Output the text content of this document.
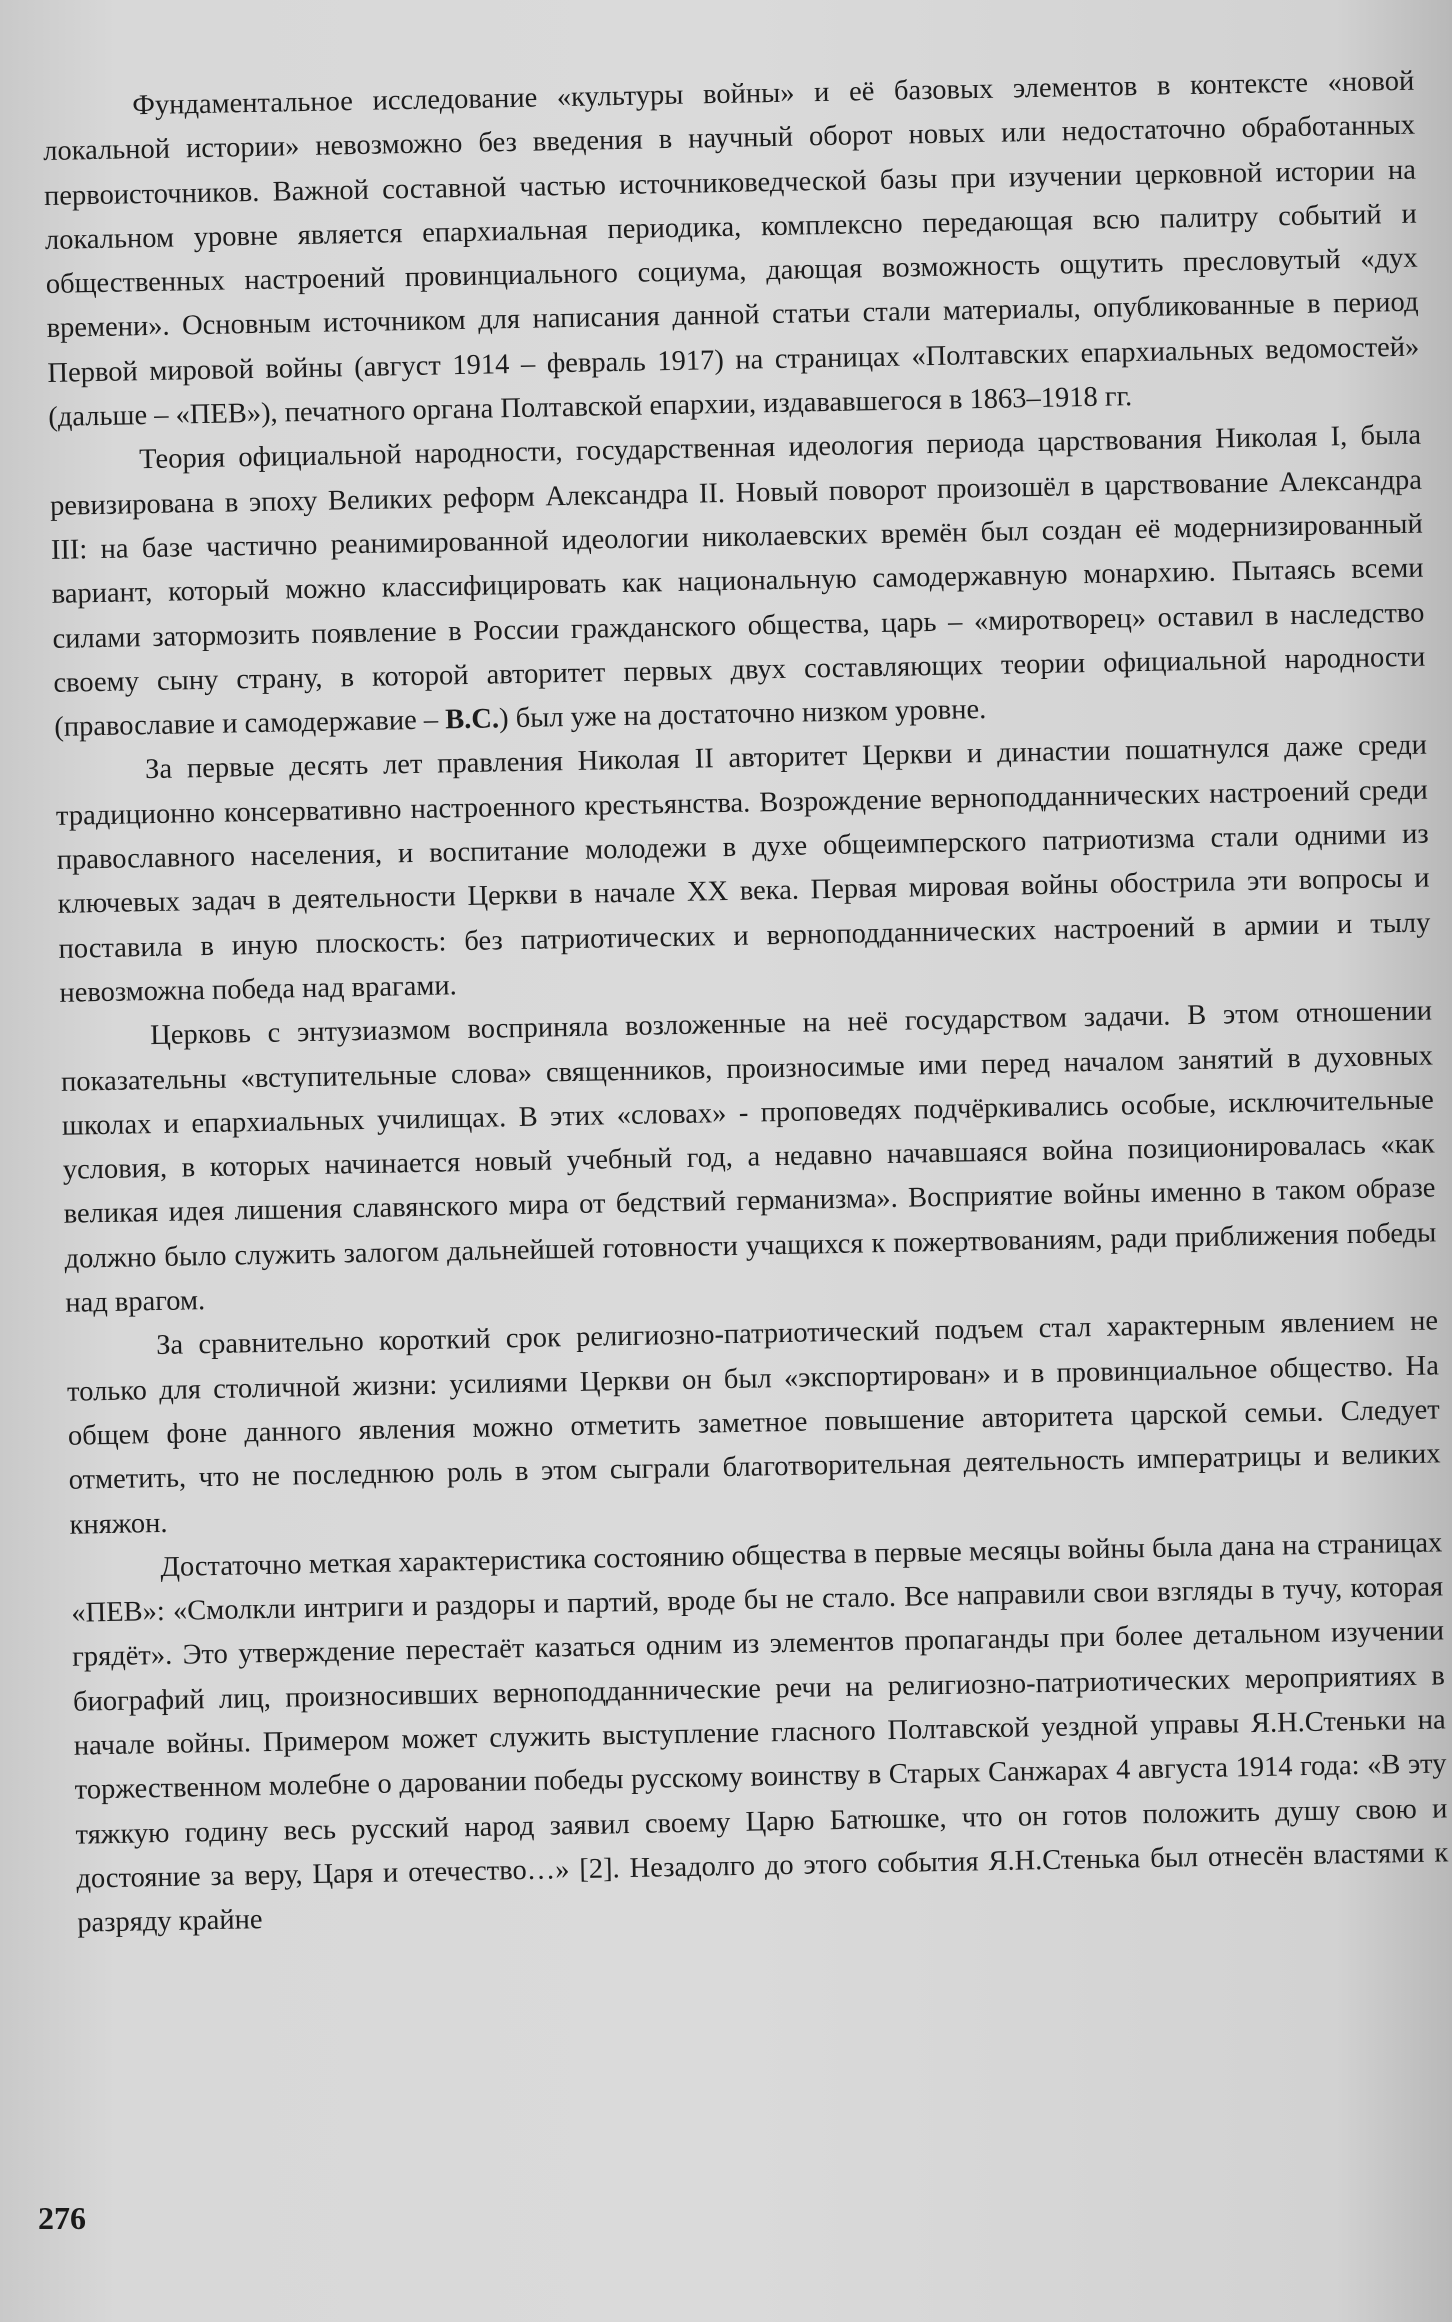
Фундаментальное исследование «культуры войны» и её базовых элементов в контексте «новой локальной истории» невозможно без введения в научный оборот новых или недостаточно обработанных первоисточников. Важной составной частью источниковедческой базы при изучении церковной истории на локальном уровне является епархиальная периодика, комплексно передающая всю палитру событий и общественных настроений провинциального социума, дающая возможность ощутить пресловутый «дух времени». Основным источником для написания данной статьи стали материалы, опубликованные в период Первой мировой войны (август 1914 – февраль 1917) на страницах «Полтавских епархиальных ведомостей» (дальше – «ПЕВ»), печатного органа Полтавской епархии, издававшегося в 1863–1918 гг.

Теория официальной народности, государственная идеология периода царствования Николая I, была ревизирована в эпоху Великих реформ Александра II. Новый поворот произошёл в царствование Александра III: на базе частично реанимированной идеологии николаевских времён был создан её модернизированный вариант, который можно классифицировать как национальную самодержавную монархию. Пытаясь всеми силами затормозить появление в России гражданского общества, царь – «миротворец» оставил в наследство своему сыну страну, в которой авторитет первых двух составляющих теории официальной народности (православие и самодержавие – В.С.) был уже на достаточно низком уровне.

За первые десять лет правления Николая II авторитет Церкви и династии пошатнулся даже среди традиционно консервативно настроенного крестьянства. Возрождение верноподданнических настроений среди православного населения, и воспитание молодежи в духе общеимперского патриотизма стали одними из ключевых задач в деятельности Церкви в начале XX века. Первая мировая войны обострила эти вопросы и поставила в иную плоскость: без патриотических и верноподданнических настроений в армии и тылу невозможна победа над врагами.

Церковь с энтузиазмом восприняла возложенные на неё государством задачи. В этом отношении показательны «вступительные слова» священников, произносимые ими перед началом занятий в духовных школах и епархиальных училищах. В этих «словах» - проповедях подчёркивались особые, исключительные условия, в которых начинается новый учебный год, а недавно начавшаяся война позиционировалась «как великая идея лишения славянского мира от бедствий германизма». Восприятие войны именно в таком образе должно было служить залогом дальнейшей готовности учащихся к пожертвованиям, ради приближения победы над врагом.

За сравнительно короткий срок религиозно-патриотический подъем стал характерным явлением не только для столичной жизни: усилиями Церкви он был «экспортирован» и в провинциальное общество. На общем фоне данного явления можно отметить заметное повышение авторитета царской семьи. Следует отметить, что не последнюю роль в этом сыграли благотворительная деятельность императрицы и великих княжон.

Достаточно меткая характеристика состоянию общества в первые месяцы войны была дана на страницах «ПЕВ»: «Смолкли интриги и раздоры и партий, вроде бы не стало. Все направили свои взгляды в тучу, которая грядёт». Это утверждение перестаёт казаться одним из элементов пропаганды при более детальном изучении биографий лиц, произносивших верноподданнические речи на религиозно-патриотических мероприятиях в начале войны. Примером может служить выступление гласного Полтавской уездной управы Я.Н.Стеньки на торжественном молебне о даровании победы русскому воинству в Старых Санжарах 4 августа 1914 года: «В эту тяжкую годину весь русский народ заявил своему Царю Батюшке, что он готов положить душу свою и достояние за веру, Царя и отечество…» [2]. Незадолго до этого события Я.Н.Стенька был отнесён властями к разряду крайне

276
